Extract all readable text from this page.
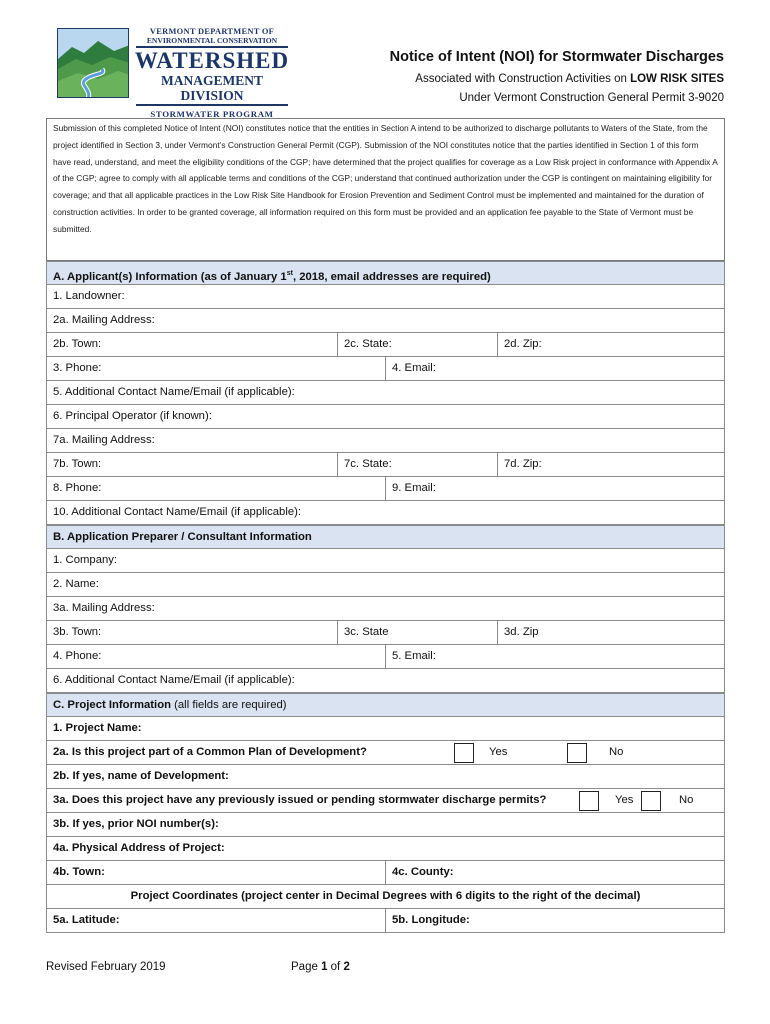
VERMONT DEPARTMENT OF
ENVIRONMENTAL CONSERVATION
WATERSHED
MANAGEMENT DIVISION
STORMWATER PROGRAM
Notice of Intent (NOI) for Stormwater Discharges
Associated with Construction Activities on LOW RISK SITES
Under Vermont Construction General Permit 3-9020
Submission of this completed Notice of Intent (NOI) constitutes notice that the entities in Section A intend to be authorized to discharge pollutants to Waters of the State, from the project identified in Section 3, under Vermont’s Construction General Permit (CGP). Submission of the NOI constitutes notice that the parties identified in Section 1 of this form have read, understand, and meet the eligibility conditions of the CGP; have determined that the project qualifies for coverage as a Low Risk project in conformance with Appendix A of the CGP; agree to comply with all applicable terms and conditions of the CGP; understand that continued authorization under the CGP is contingent on maintaining eligibility for coverage; and that all applicable practices in the Low Risk Site Handbook for Erosion Prevention and Sediment Control must be implemented and maintained for the duration of construction activities. In order to be granted coverage, all information required on this form must be provided and an application fee payable to the State of Vermont must be submitted.
A. Applicant(s) Information (as of January 1st, 2018, email addresses are required)
1. Landowner:
2a. Mailing Address:
2b. Town:	2c. State:	2d. Zip:
3. Phone:	4. Email:
5. Additional Contact Name/Email (if applicable):
6. Principal Operator (if known):
7a. Mailing Address:
7b. Town:	7c. State:	7d. Zip:
8. Phone:	9. Email:
10. Additional Contact Name/Email (if applicable):
B. Application Preparer / Consultant Information
1. Company:
2. Name:
3a. Mailing Address:
3b. Town:	3c. State	3d. Zip
4. Phone:	5. Email:
6. Additional Contact Name/Email (if applicable):
C. Project Information (all fields are required)
1. Project Name:
2a. Is this project part of a Common Plan of Development?	Yes	No
2b. If yes, name of Development:
3a. Does this project have any previously issued or pending stormwater discharge permits?	Yes	No
3b. If yes, prior NOI number(s):
4a. Physical Address of Project:
4b. Town:	4c. County:
Project Coordinates (project center in Decimal Degrees with 6 digits to the right of the decimal)
5a. Latitude:	5b. Longitude:
Revised February 2019	Page 1 of 2
